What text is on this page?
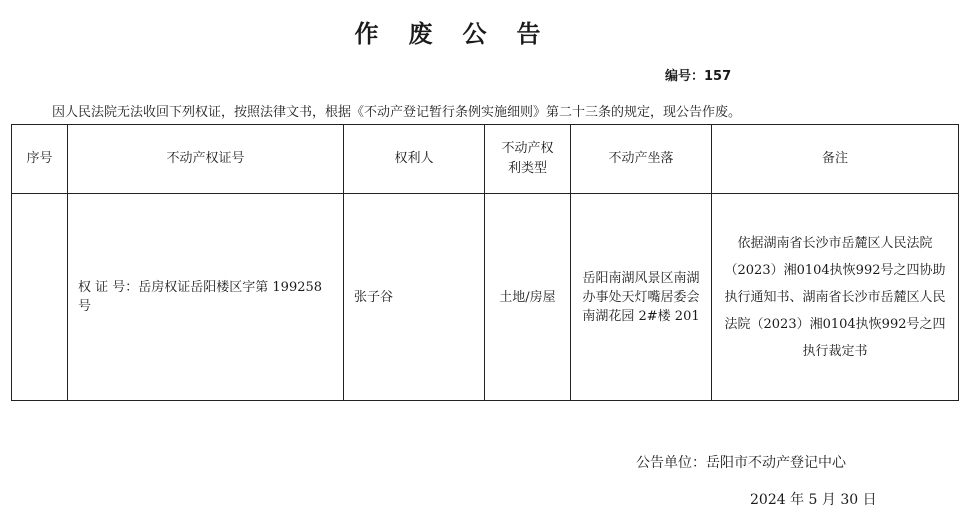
作废公告
编号：157
因人民法院无法收回下列权证，按照法律文书，根据《不动产登记暂行条例实施细则》第二十三条的规定，现公告作废。
序号	不动产权证号	权利人	不动产权利类型	不动产坐落	备注
	权 证 号：岳房权证岳阳楼区字第 199258 号	张子谷	土地/房屋	岳阳南湖风景区南湖办事处天灯嘴居委会南湖花园 2#楼 201	依据湖南省长沙市岳麓区人民法院（2023）湘0104执恢992号之四协助执行通知书、湖南省长沙市岳麓区人民法院（2023）湘0104执恢992号之四执行裁定书
公告单位：岳阳市不动产登记中心
2024 年 5 月 30 日
